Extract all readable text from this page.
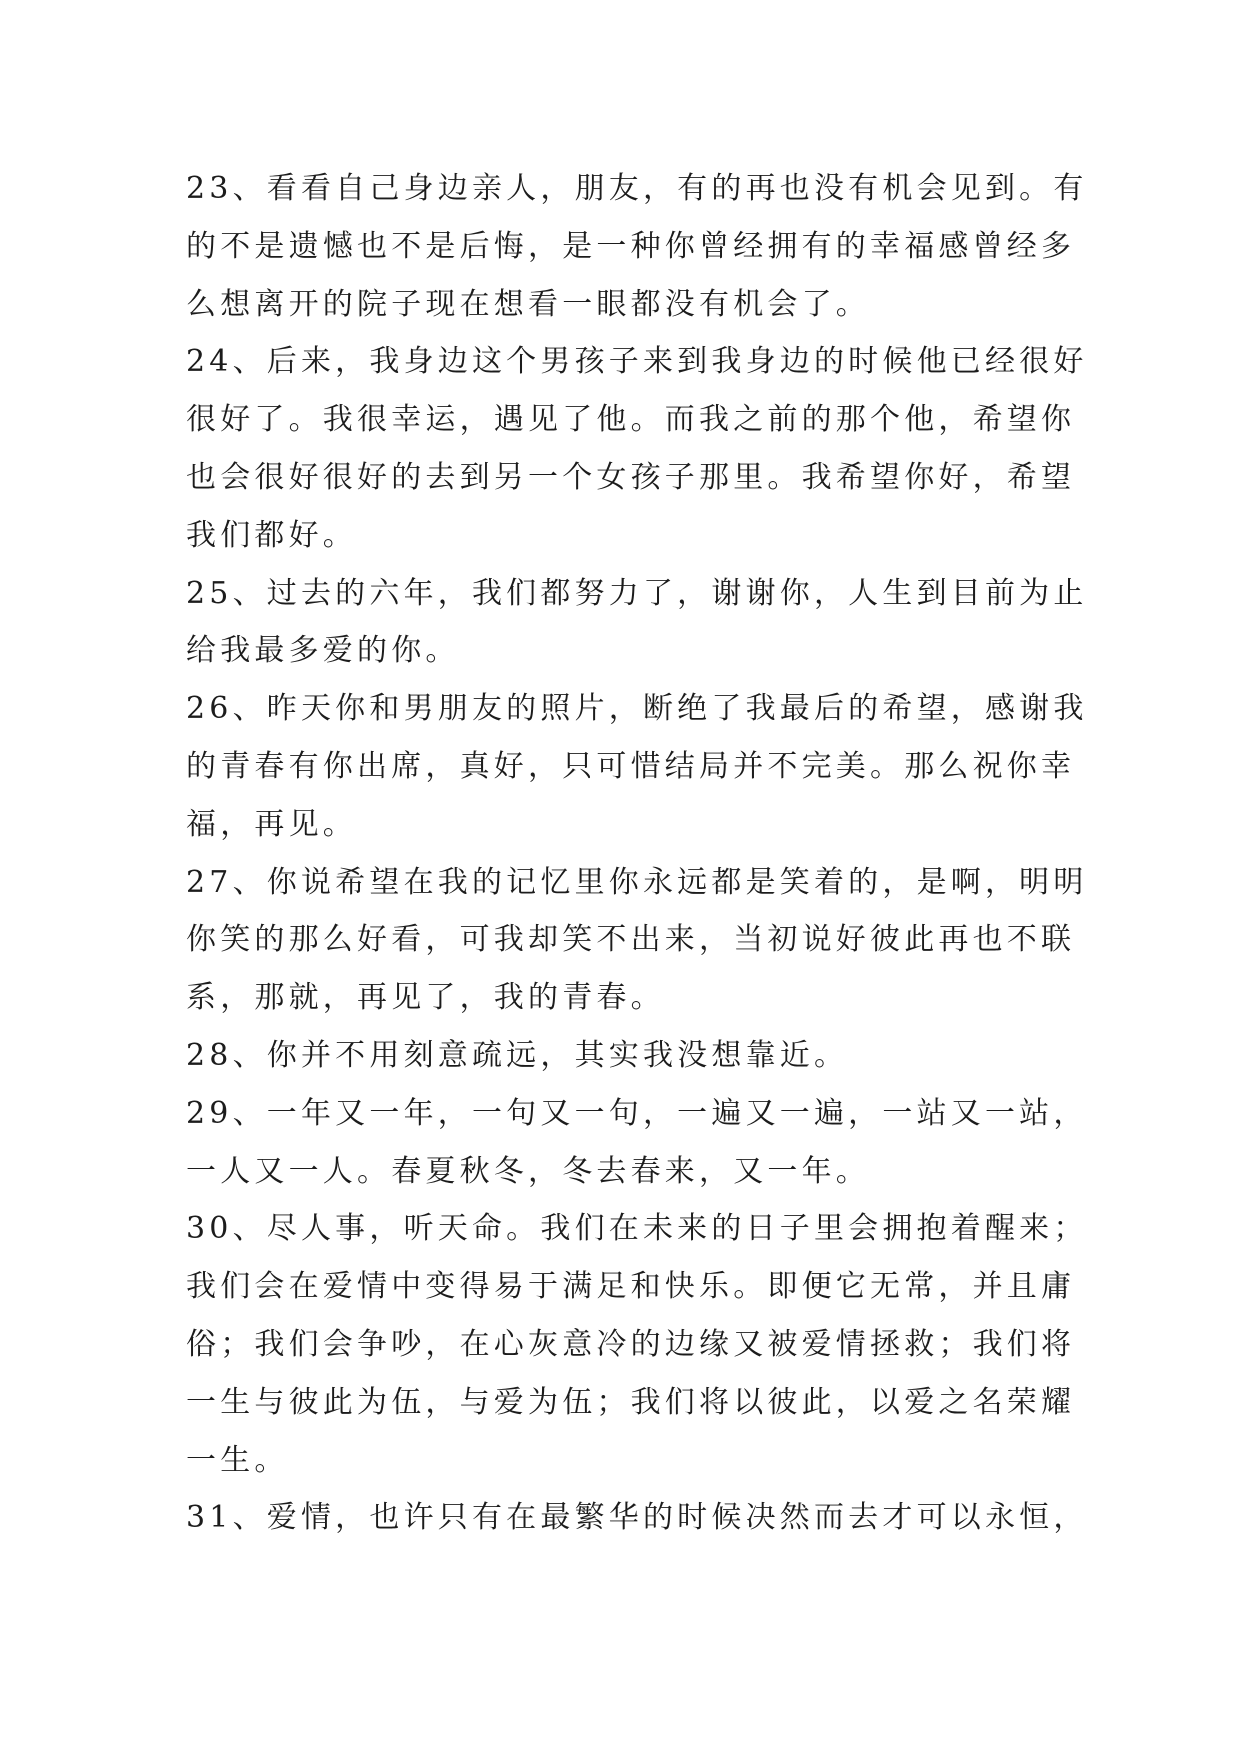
23、看看自己身边亲人，朋友，有的再也没有机会见到。有
的不是遗憾也不是后悔，是一种你曾经拥有的幸福感曾经多
么想离开的院子现在想看一眼都没有机会了。
24、后来，我身边这个男孩子来到我身边的时候他已经很好
很好了。我很幸运，遇见了他。而我之前的那个他，希望你
也会很好很好的去到另一个女孩子那里。我希望你好，希望
我们都好。
25、过去的六年，我们都努力了，谢谢你，人生到目前为止
给我最多爱的你。
26、昨天你和男朋友的照片，断绝了我最后的希望，感谢我
的青春有你出席，真好，只可惜结局并不完美。那么祝你幸
福，再见。
27、你说希望在我的记忆里你永远都是笑着的，是啊，明明
你笑的那么好看，可我却笑不出来，当初说好彼此再也不联
系，那就，再见了，我的青春。
28、你并不用刻意疏远，其实我没想靠近。
29、一年又一年，一句又一句，一遍又一遍，一站又一站，
一人又一人。春夏秋冬，冬去春来，又一年。
30、尽人事，听天命。我们在未来的日子里会拥抱着醒来；
我们会在爱情中变得易于满足和快乐。即便它无常，并且庸
俗；我们会争吵，在心灰意冷的边缘又被爱情拯救；我们将
一生与彼此为伍，与爱为伍；我们将以彼此，以爱之名荣耀
一生。
31、爱情，也许只有在最繁华的时候决然而去才可以永恒，
